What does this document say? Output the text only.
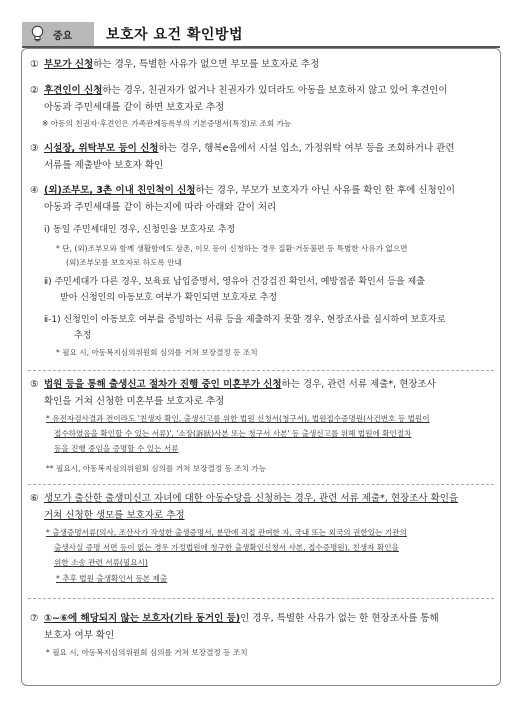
중요 보호자 요건 확인방법
① 부모가 신청하는 경우, 특별한 사유가 없으면 부모를 보호자로 추정
② 후견인이 신청하는 경우, 친권자가 없거나 친권자가 있더라도 아동을 보호하지 않고 있어 후견인이
아동과 주민세대를 같이 하면 보호자로 추정
※ 아동의 친권자·후견인은 가족관계등록부의 기본증명서(특정)로 조회 가능
③ 시설장, 위탁부모 등이 신청하는 경우, 행복e음에서 시설 입소, 가정위탁 여부 등을 조회하거나 관련
서류를 제출받아 보호자 확인
④ (외)조부모, 3촌 이내 친인척이 신청하는 경우, 부모가 보호자가 아닌 사유를 확인 한 후에 신청인이
아동과 주민세대를 같이 하는지에 따라 아래와 같이 처리
ⅰ) 동일 주민세대인 경우, 신청인을 보호자로 추정
* 단, (외)조부모와 함께 생활함에도 삼촌, 이모 등이 신청하는 경우 질환·거동불편 등 특별한 사유가 없으면
(외)조부모를 보호자로 하도록 안내
ⅱ) 주민세대가 다른 경우, 보육료 납입증명서, 영유아 건강검진 확인서, 예방접종 확인서 등을 제출
받아 신청인의 아동보호 여부가 확인되면 보호자로 추정
ⅱ-1) 신청인이 아동보호 여부를 증빙하는 서류 등을 제출하지 못할 경우, 현장조사를 실시하여 보호자로
추정
* 필요 시, 아동복지심의위원회 심의를 거쳐 보장결정 등 조치
⑤ 법원 등을 통해 출생신고 절차가 진행 중인 미혼부가 신청하는 경우, 관련 서류 제출*, 현장조사
확인을 거쳐 신청한 미혼부를 보호자로 추정
* 유전자검사결과 전이라도 '친생자 확인, 출생신고를 위한 법원 신청서(청구서), 법원접수증명원(사건번호 등 법원이
접수하였음을 확인할 수 있는 서류)', '소장(訴狀)사본 또는 청구서 사본' 등 출생신고를 위해 법원에 확인절차
등을 진행 중임을 증명할 수 있는 서류
** 필요시, 아동복지심의위원회 심의를 거쳐 보장결정 등 조치 가능
⑥ 생모가 출산한 출생미신고 자녀에 대한 아동수당을 신청하는 경우, 관련 서류 제출*, 현장조사 확인을
거쳐 신청한 생모를 보호자로 추정
* 출생증명서류(의사, 조산사가 작성한 출생증명서, 분만에 직접 관여한 자, 국내 또는 외국의 권한있는 기관의
출생사실 증명 서면 등이 없는 경우 가정법원에 청구한 출생확인신청서 사본, 접수증명원), 친생자 확인을
위한 소송 관련 서류(필요시)
* 추후 법원 출생확인서 등본 제출
⑦ ①~⑥에 해당되지 않는 보호자(기타 동거인 등)인 경우, 특별한 사유가 없는 한 현장조사를 통해
보호자 여부 확인
* 필요 시, 아동복지심의위원회 심의를 거쳐 보장결정 등 조치
